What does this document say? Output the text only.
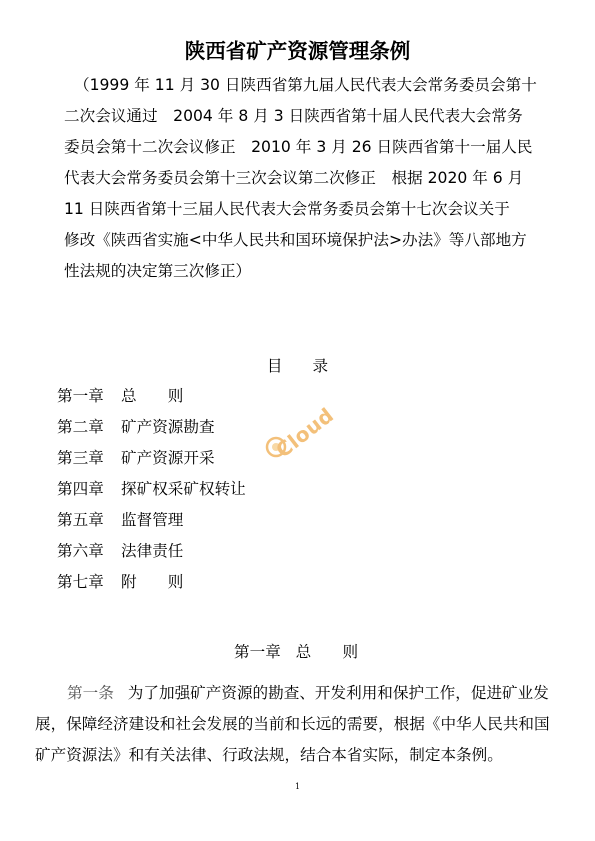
陕西省矿产资源管理条例
（1999 年 11 月 30 日陕西省第九届人民代表大会常务委员会第十
二次会议通过　2004 年 8 月 3 日陕西省第十届人民代表大会常务
委员会第十二次会议修正　2010 年 3 月 26 日陕西省第十一届人民
代表大会常务委员会第十三次会议第二次修正　根据 2020 年 6 月
11 日陕西省第十三届人民代表大会常务委员会第十七次会议关于
修改《陕西省实施<中华人民共和国环境保护法>办法》等八部地方
性法规的决定第三次修正）
目 录
第一章 总　　则
第二章 矿产资源勘查
第三章 矿产资源开采
第四章 探矿权采矿权转让
第五章 监督管理
第六章 法律责任
第七章 附　　则
Cloud
第一章 总　　则
第一条 为了加强矿产资源的勘查、开发利用和保护工作，促进矿业发
展，保障经济建设和社会发展的当前和长远的需要，根据《中华人民共和国
矿产资源法》和有关法律、行政法规，结合本省实际，制定本条例。
1
